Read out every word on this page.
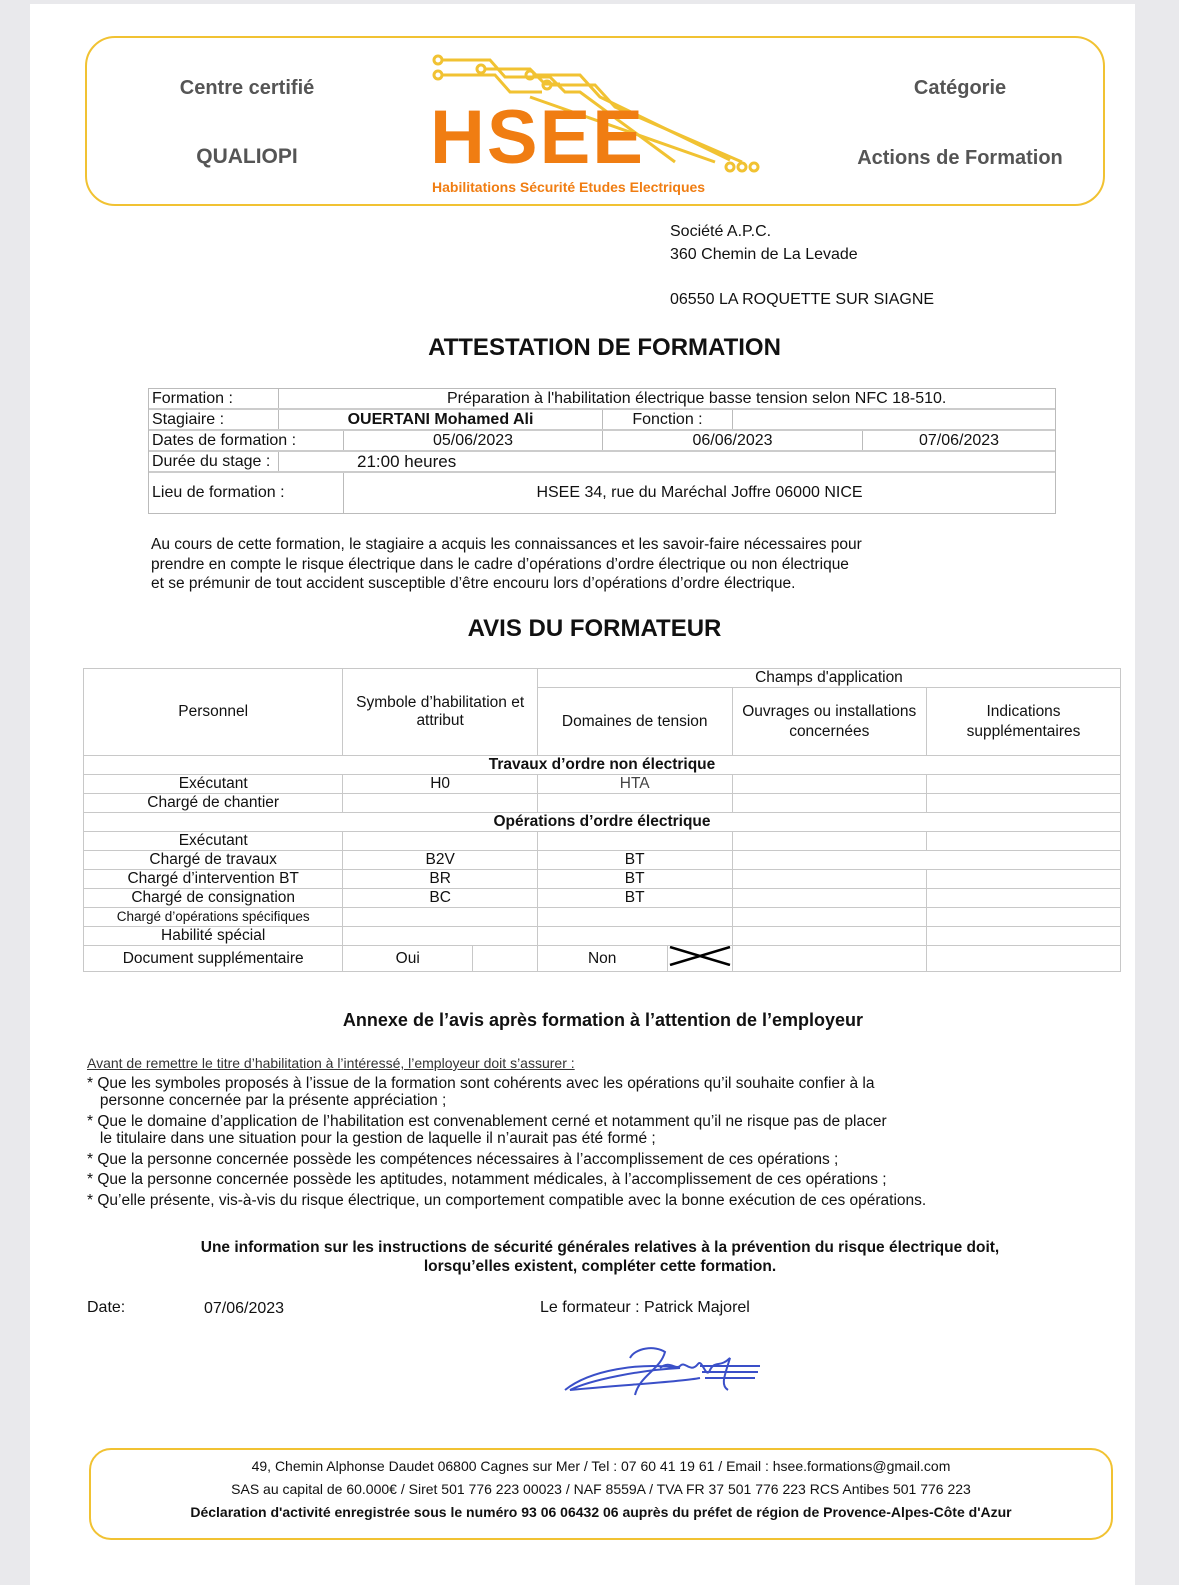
Centre certifié
QUALIOPI
Catégorie
Actions de Formation
HSEE
Habilitations Sécurité Etudes Electriques
Société A.P.C.
360 Chemin de La Levade
06550 LA ROQUETTE SUR SIAGNE
ATTESTATION DE FORMATION
Formation :	Préparation à l'habilitation électrique basse tension selon NFC 18-510.
Stagiaire :	OUERTANI Mohamed Ali	Fonction :
Dates de formation :	05/06/2023	06/06/2023	07/06/2023
Durée du stage :	21:00 heures
Lieu de formation :	HSEE 34, rue du Maréchal Joffre 06000 NICE
Au cours de cette formation, le stagiaire a acquis les connaissances et les savoir-faire nécessaires pour
prendre en compte le risque électrique dans le cadre d’opérations d’ordre électrique ou non électrique
et se prémunir de tout accident susceptible d’être encouru lors d’opérations d’ordre électrique.
AVIS DU FORMATEUR
Personnel	Symbole d’habilitation et attribut		Champs d'application			
			Domaines de tension		Ouvrages ou installations concernées	Indications supplémentaires
Travaux d’ordre non électrique						
Exécutant	H0		HTA			
Chargé de chantier						
Opérations d’ordre électrique						
Exécutant						
Chargé de travaux	B2V		BT			
Chargé d’intervention BT	BR		BT			
Chargé de consignation	BC		BT			
Chargé d’opérations spécifiques						
Habilité spécial						
Document supplémentaire	Oui		Non			
Annexe de l’avis après formation à l’attention de l’employeur
Avant de remettre le titre d’habilitation à l’intéressé, l’employeur doit s’assurer :
* Que les symboles proposés à l’issue de la formation sont cohérents avec les opérations qu’il souhaite confier à la
personne concernée par la présente appréciation ;
* Que le domaine d’application de l’habilitation est convenablement cerné et notamment qu’il ne risque pas de placer
le titulaire dans une situation pour la gestion de laquelle il n’aurait pas été formé ;
* Que la personne concernée possède les compétences nécessaires à l’accomplissement de ces opérations ;
* Que la personne concernée possède les aptitudes, notamment médicales, à l’accomplissement de ces opérations ;
* Qu’elle présente, vis-à-vis du risque électrique, un comportement compatible avec la bonne exécution de ces opérations.
Une information sur les instructions de sécurité générales relatives à la prévention du risque électrique doit,
lorsqu’elles existent, compléter cette formation.
Date:	07/06/2023	Le formateur : Patrick Majorel
49, Chemin Alphonse Daudet 06800 Cagnes sur Mer / Tel : 07 60 41 19 61 / Email : hsee.formations@gmail.com
SAS au capital de 60.000€ / Siret 501 776 223 00023 / NAF 8559A / TVA FR 37 501 776 223 RCS Antibes 501 776 223
Déclaration d'activité enregistrée sous le numéro 93 06 06432 06 auprès du préfet de région de Provence-Alpes-Côte d'Azur
